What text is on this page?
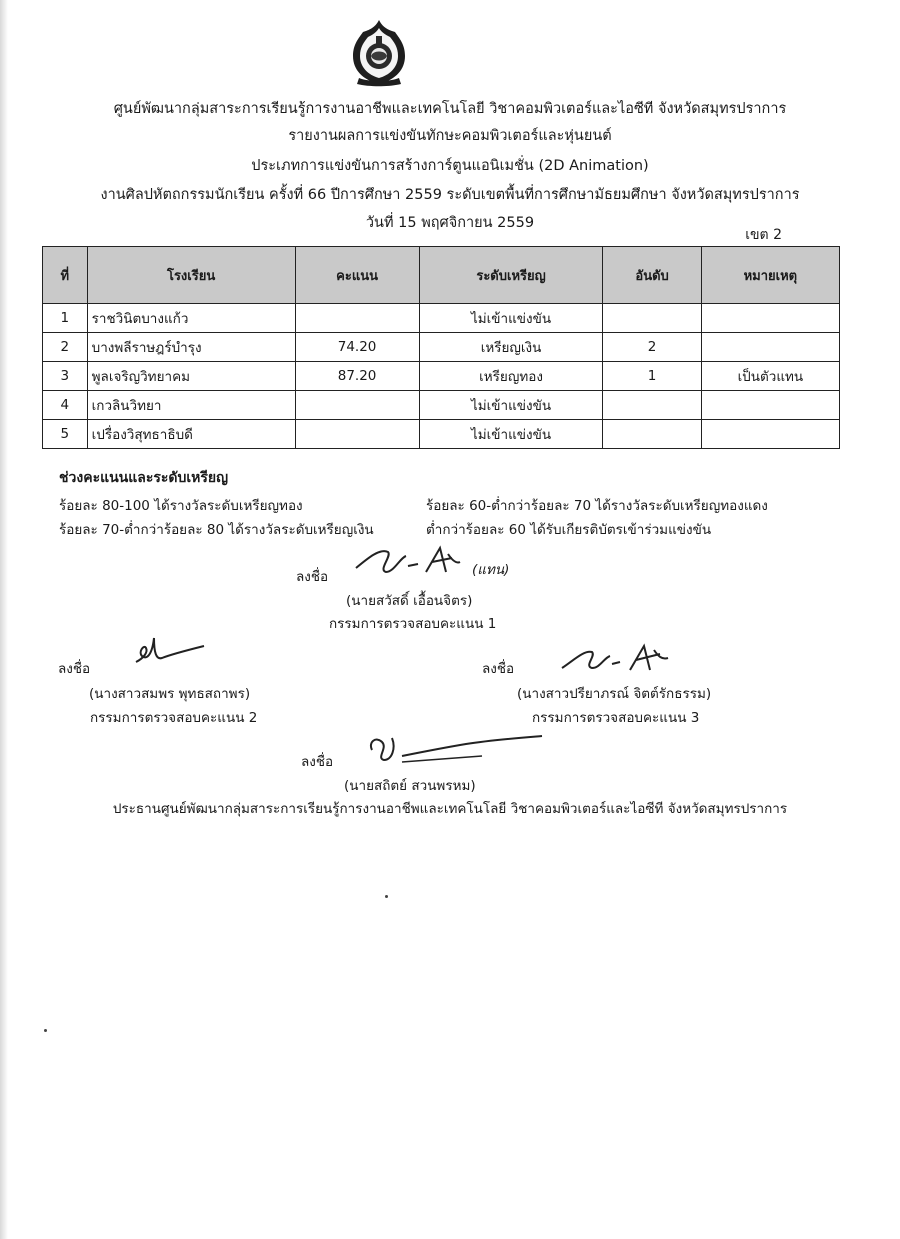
ศูนย์พัฒนากลุ่มสาระการเรียนรู้การงานอาชีพและเทคโนโลยี วิชาคอมพิวเตอร์และไอซีที จังหวัดสมุทรปราการ
รายงานผลการแข่งขันทักษะคอมพิวเตอร์และหุ่นยนต์
ประเภทการแข่งขันการสร้างการ์ตูนแอนิเมชั่น (2D Animation)
งานศิลปหัตถกรรมนักเรียน ครั้งที่ 66 ปีการศึกษา 2559 ระดับเขตพื้นที่การศึกษามัธยมศึกษา จังหวัดสมุทรปราการ
วันที่ 15 พฤศจิกายน 2559
เขต 2
ที่	โรงเรียน	คะแนน	ระดับเหรียญ	อันดับ	หมายเหตุ
1	ราชวินิตบางแก้ว		ไม่เข้าแข่งขัน		
2	บางพลีราษฎร์บำรุง	74.20	เหรียญเงิน	2	
3	พูลเจริญวิทยาคม	87.20	เหรียญทอง	1	เป็นตัวแทน
4	เกวลินวิทยา		ไม่เข้าแข่งขัน		
5	เปรื่องวิสุทธาธิบดี		ไม่เข้าแข่งขัน		
ช่วงคะแนนและระดับเหรียญ
ร้อยละ 80-100 ได้รางวัลระดับเหรียญทอง
ร้อยละ 70-ต่ำกว่าร้อยละ 80 ได้รางวัลระดับเหรียญเงิน
ร้อยละ 60-ต่ำกว่าร้อยละ 70 ได้รางวัลระดับเหรียญทองแดง
ต่ำกว่าร้อยละ 60 ได้รับเกียรติบัตรเข้าร่วมแข่งขัน
ลงชื่อ	(แทน)
(นายสวัสดิ์ เอื้อนจิตร)
กรรมการตรวจสอบคะแนน 1
ลงชื่อ
(นางสาวสมพร พุทธสถาพร)
กรรมการตรวจสอบคะแนน 2
ลงชื่อ
(นางสาวปรียาภรณ์ จิตต์รักธรรม)
กรรมการตรวจสอบคะแนน 3
ลงชื่อ
(นายสถิตย์ สวนพรหม)
ประธานศูนย์พัฒนากลุ่มสาระการเรียนรู้การงานอาชีพและเทคโนโลยี วิชาคอมพิวเตอร์และไอซีที จังหวัดสมุทรปราการ
